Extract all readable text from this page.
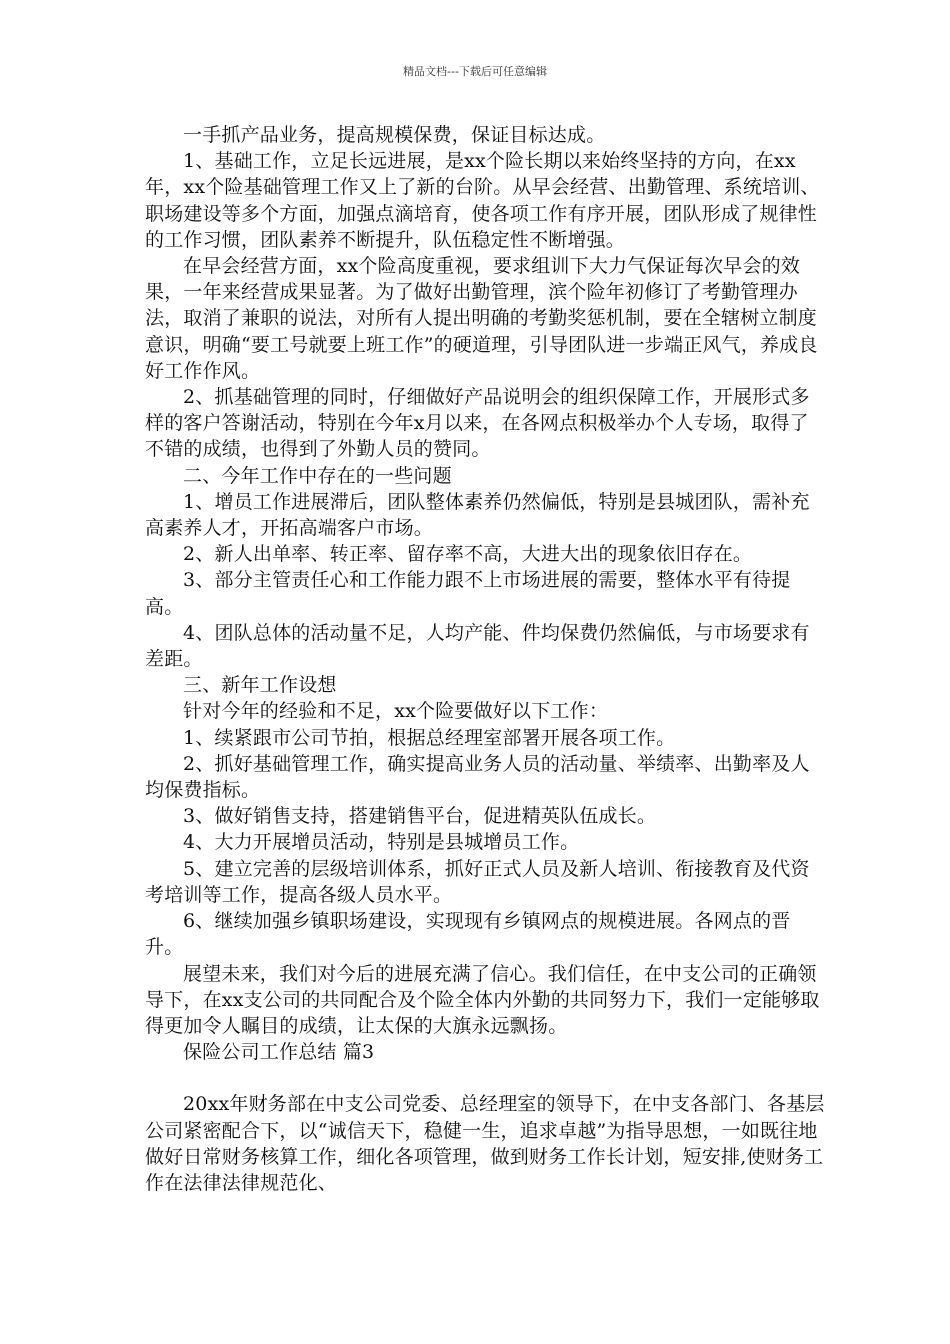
精品文档---下载后可任意编辑

一手抓产品业务，提高规模保费，保证目标达成。

1、基础工作，立足长远进展，是xx个险长期以来始终坚持的方向，在xx年，xx个险基础管理工作又上了新的台阶。从早会经营、出勤管理、系统培训、职场建设等多个方面，加强点滴培育，使各项工作有序开展，团队形成了规律性的工作习惯，团队素养不断提升，队伍稳定性不断增强。

在早会经营方面，xx个险高度重视，要求组训下大力气保证每次早会的效果，一年来经营成果显著。为了做好出勤管理，滨个险年初修订了考勤管理办法，取消了兼职的说法，对所有人提出明确的考勤奖惩机制，要在全辖树立制度意识，明确“要工号就要上班工作”的硬道理，引导团队进一步端正风气，养成良好工作作风。

2、抓基础管理的同时，仔细做好产品说明会的组织保障工作，开展形式多样的客户答谢活动，特别在今年x月以来，在各网点积极举办个人专场，取得了不错的成绩，也得到了外勤人员的赞同。

二、今年工作中存在的一些问题

1、增员工作进展滞后，团队整体素养仍然偏低，特别是县城团队，需补充高素养人才，开拓高端客户市场。

2、新人出单率、转正率、留存率不高，大进大出的现象依旧存在。

3、部分主管责任心和工作能力跟不上市场进展的需要，整体水平有待提高。

4、团队总体的活动量不足，人均产能、件均保费仍然偏低，与市场要求有差距。

三、新年工作设想

针对今年的经验和不足，xx个险要做好以下工作：

1、续紧跟市公司节拍，根据总经理室部署开展各项工作。

2、抓好基础管理工作，确实提高业务人员的活动量、举绩率、出勤率及人均保费指标。

3、做好销售支持，搭建销售平台，促进精英队伍成长。

4、大力开展增员活动，特别是县城增员工作。

5、建立完善的层级培训体系，抓好正式人员及新人培训、衔接教育及代资考培训等工作，提高各级人员水平。

6、继续加强乡镇职场建设，实现现有乡镇网点的规模进展。各网点的晋升。

展望未来，我们对今后的进展充满了信心。我们信任，在中支公司的正确领导下，在xx支公司的共同配合及个险全体内外勤的共同努力下，我们一定能够取得更加令人瞩目的成绩，让太保的大旗永远飘扬。

保险公司工作总结 篇3

20xx年财务部在中支公司党委、总经理室的领导下，在中支各部门、各基层公司紧密配合下，以“诚信天下，稳健一生，追求卓越”为指导思想，一如既往地做好日常财务核算工作，细化各项管理，做到财务工作长计划，短安排,使财务工作在法律法律规范化、
